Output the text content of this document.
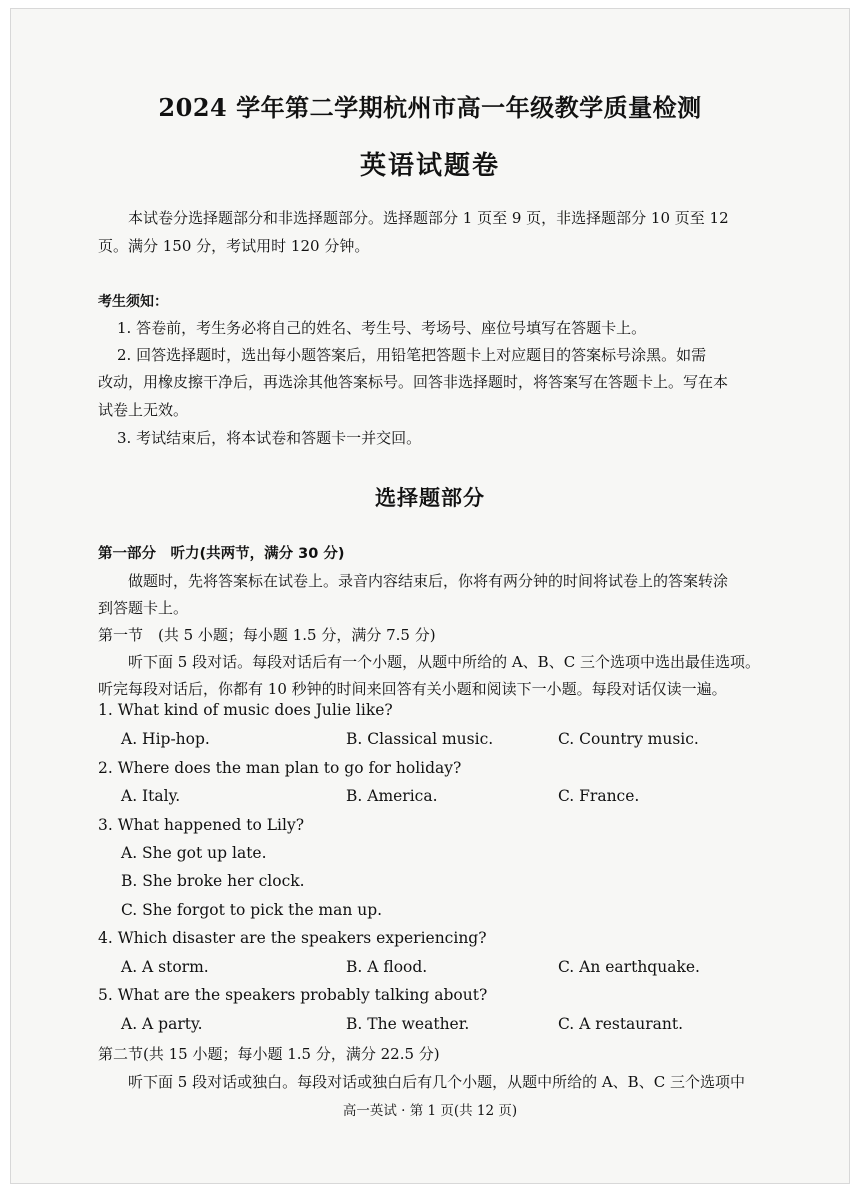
2024 学年第二学期杭州市高一年级教学质量检测
英语试题卷
本试卷分选择题部分和非选择题部分。选择题部分 1 页至 9 页，非选择题部分 10 页至 12
页。满分 150 分，考试用时 120 分钟。
考生须知：
1. 答卷前，考生务必将自己的姓名、考生号、考场号、座位号填写在答题卡上。
2. 回答选择题时，选出每小题答案后，用铅笔把答题卡上对应题目的答案标号涂黑。如需
改动，用橡皮擦干净后，再选涂其他答案标号。回答非选择题时，将答案写在答题卡上。写在本
试卷上无效。
3. 考试结束后，将本试卷和答题卡一并交回。
选择题部分
第一部分　听力(共两节，满分 30 分)
做题时，先将答案标在试卷上。录音内容结束后，你将有两分钟的时间将试卷上的答案转涂
到答题卡上。
第一节　(共 5 小题；每小题 1.5 分，满分 7.5 分)
听下面 5 段对话。每段对话后有一个小题，从题中所给的 A、B、C 三个选项中选出最佳选项。
听完每段对话后，你都有 10 秒钟的时间来回答有关小题和阅读下一小题。每段对话仅读一遍。
1. What kind of music does Julie like?
A. Hip-hop.	B. Classical music.	C. Country music.
2. Where does the man plan to go for holiday?
A. Italy.	B. America.	C. France.
3. What happened to Lily?
A. She got up late.
B. She broke her clock.
C. She forgot to pick the man up.
4. Which disaster are the speakers experiencing?
A. A storm.	B. A flood.	C. An earthquake.
5. What are the speakers probably talking about?
A. A party.	B. The weather.	C. A restaurant.
第二节(共 15 小题；每小题 1.5 分，满分 22.5 分)
听下面 5 段对话或独白。每段对话或独白后有几个小题，从题中所给的 A、B、C 三个选项中
高一英试 · 第 1 页(共 12 页)
